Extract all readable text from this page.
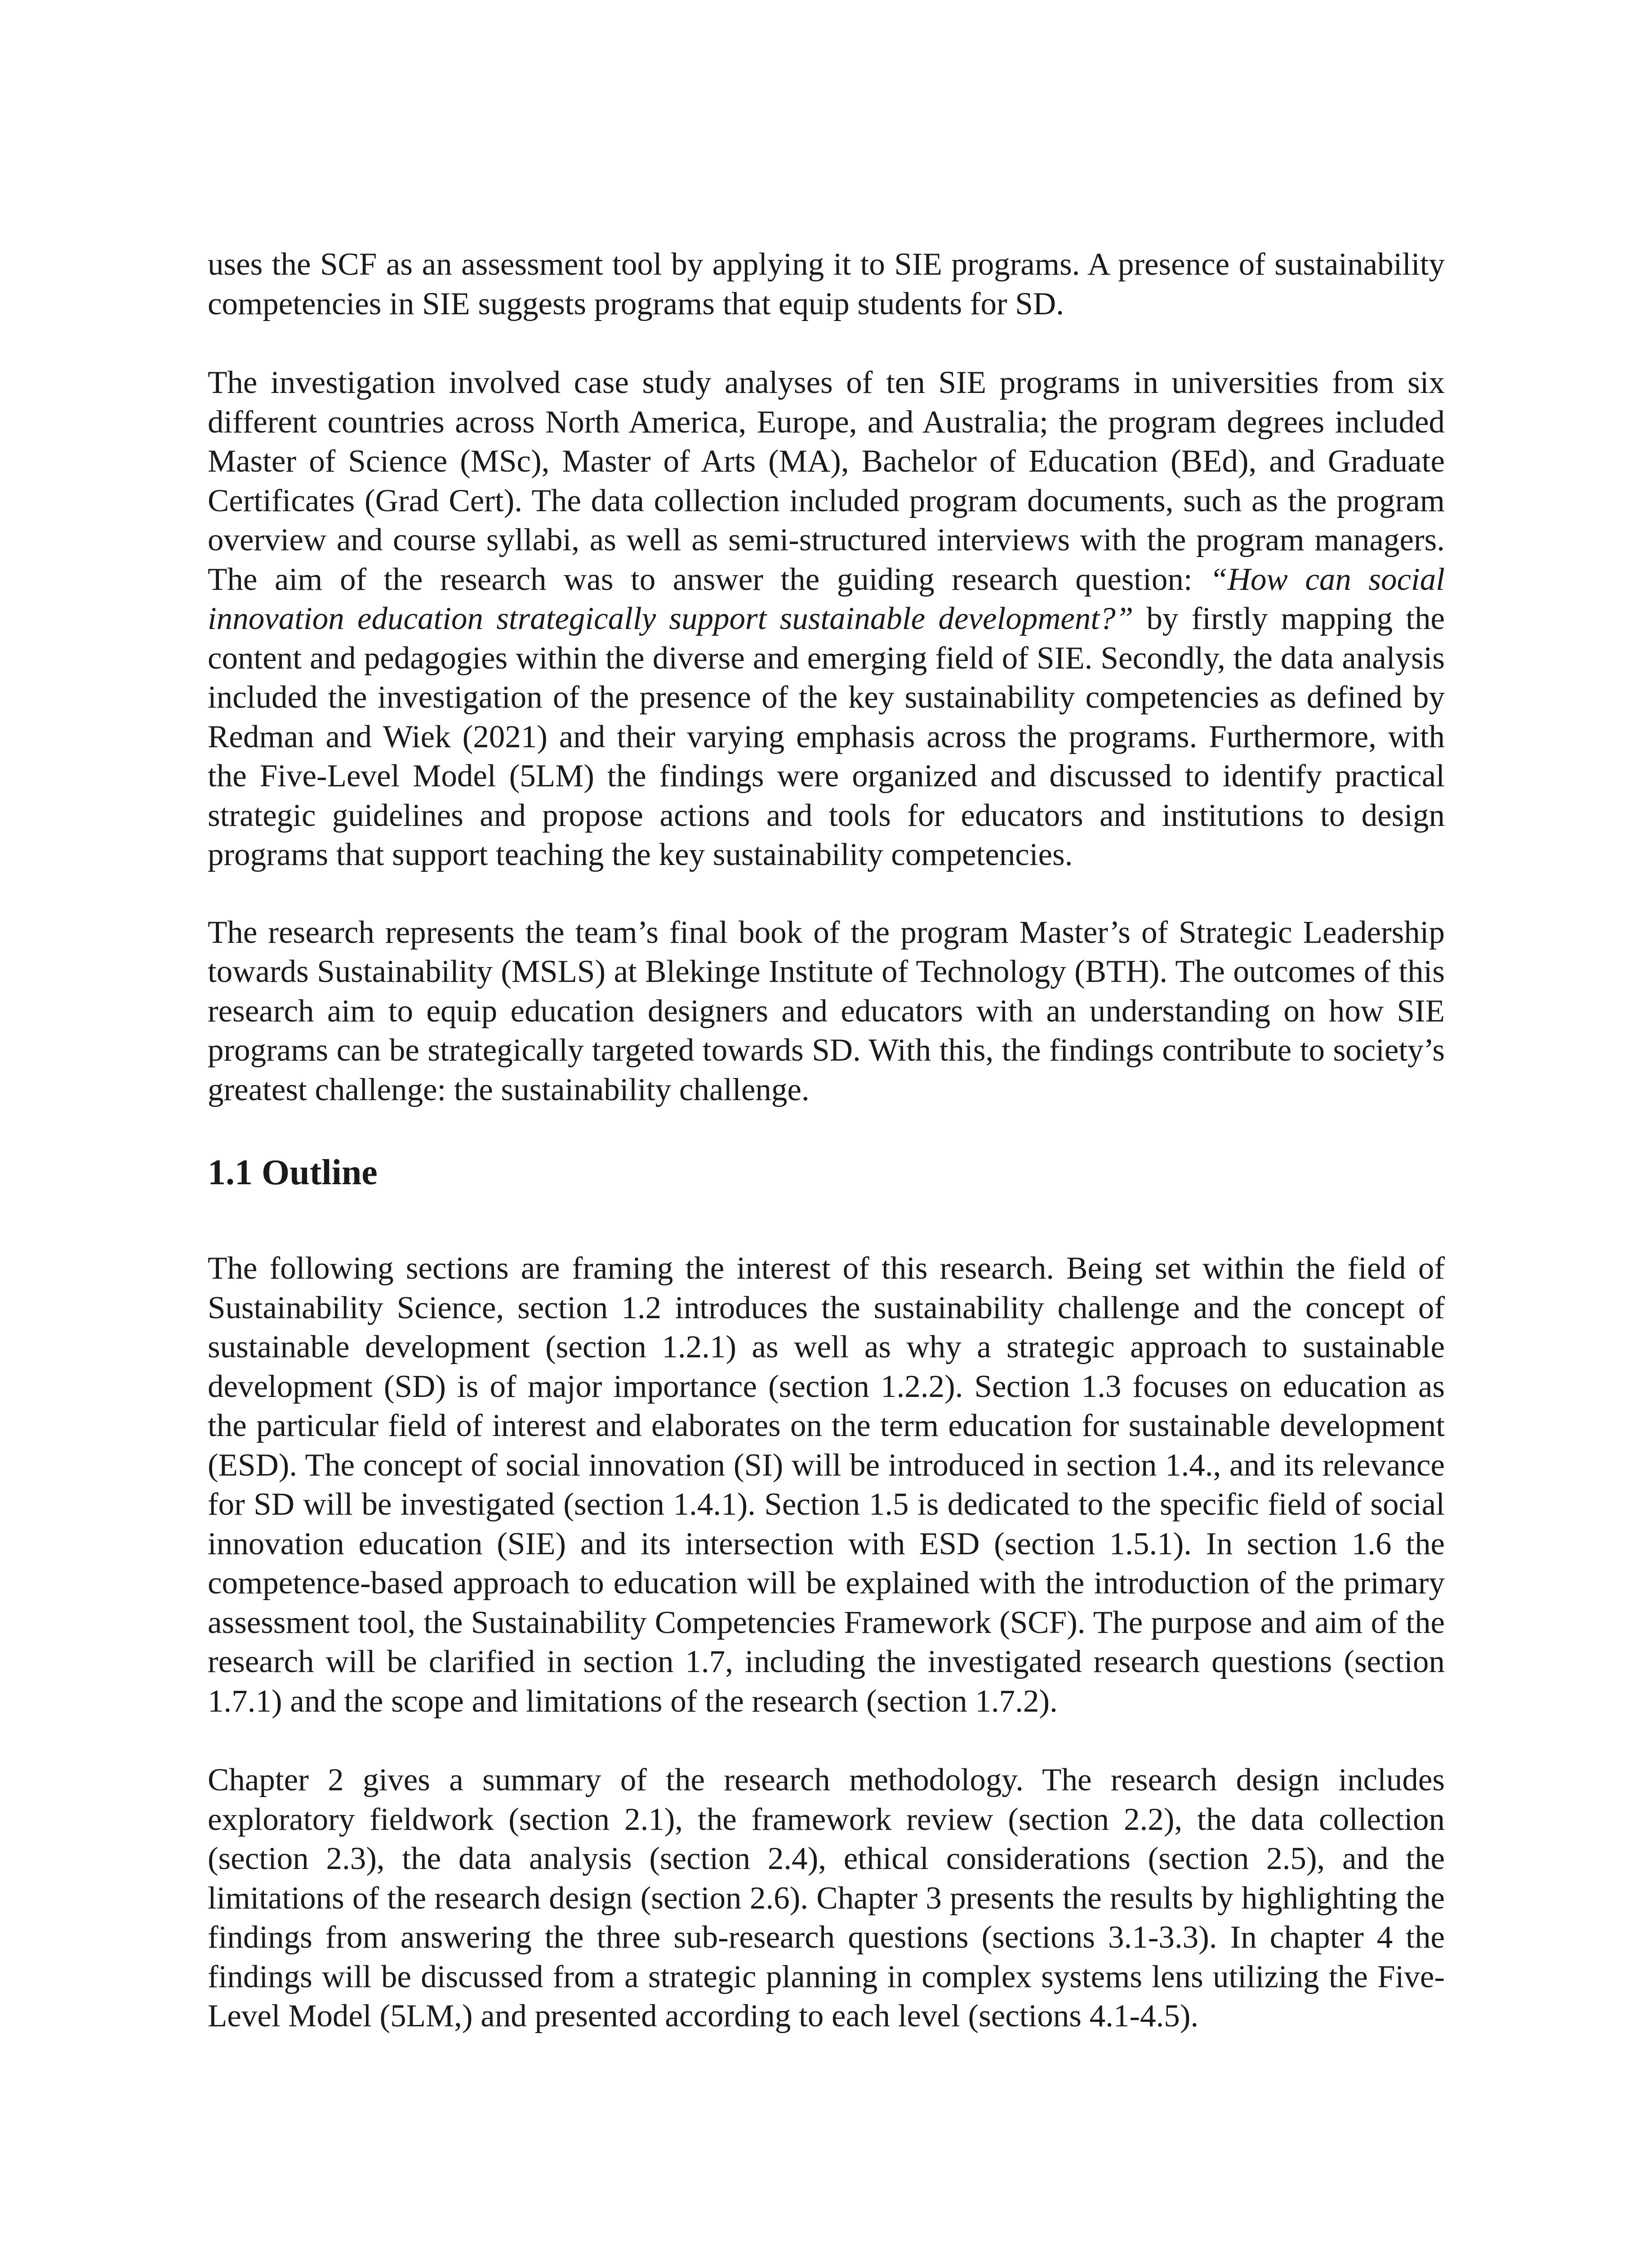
uses the SCF as an assessment tool by applying it to SIE programs. A presence of sustainability competencies in SIE suggests programs that equip students for SD.

The investigation involved case study analyses of ten SIE programs in universities from six different countries across North America, Europe, and Australia; the program degrees included Master of Science (MSc), Master of Arts (MA), Bachelor of Education (BEd), and Graduate Certificates (Grad Cert). The data collection included program documents, such as the program overview and course syllabi, as well as semi-structured interviews with the program managers. The aim of the research was to answer the guiding research question: “How can social innovation education strategically support sustainable development?” by firstly mapping the content and pedagogies within the diverse and emerging field of SIE. Secondly, the data analysis included the investigation of the presence of the key sustainability competencies as defined by Redman and Wiek (2021) and their varying emphasis across the programs. Furthermore, with the Five-Level Model (5LM) the findings were organized and discussed to identify practical strategic guidelines and propose actions and tools for educators and institutions to design programs that support teaching the key sustainability competencies.

The research represents the team’s final book of the program Master’s of Strategic Leadership towards Sustainability (MSLS) at Blekinge Institute of Technology (BTH). The outcomes of this research aim to equip education designers and educators with an understanding on how SIE programs can be strategically targeted towards SD. With this, the findings contribute to society’s greatest challenge: the sustainability challenge.

1.1 Outline

The following sections are framing the interest of this research. Being set within the field of Sustainability Science, section 1.2 introduces the sustainability challenge and the concept of sustainable development (section 1.2.1) as well as why a strategic approach to sustainable development (SD) is of major importance (section 1.2.2). Section 1.3 focuses on education as the particular field of interest and elaborates on the term education for sustainable development (ESD). The concept of social innovation (SI) will be introduced in section 1.4., and its relevance for SD will be investigated (section 1.4.1). Section 1.5 is dedicated to the specific field of social innovation education (SIE) and its intersection with ESD (section 1.5.1). In section 1.6 the competence-based approach to education will be explained with the introduction of the primary assessment tool, the Sustainability Competencies Framework (SCF). The purpose and aim of the research will be clarified in section 1.7, including the investigated research questions (section 1.7.1) and the scope and limitations of the research (section 1.7.2).

Chapter 2 gives a summary of the research methodology. The research design includes exploratory fieldwork (section 2.1), the framework review (section 2.2), the data collection (section 2.3), the data analysis (section 2.4), ethical considerations (section 2.5), and the limitations of the research design (section 2.6). Chapter 3 presents the results by highlighting the findings from answering the three sub-research questions (sections 3.1-3.3). In chapter 4 the findings will be discussed from a strategic planning in complex systems lens utilizing the Five-Level Model (5LM,) and presented according to each level (sections 4.1-4.5).
